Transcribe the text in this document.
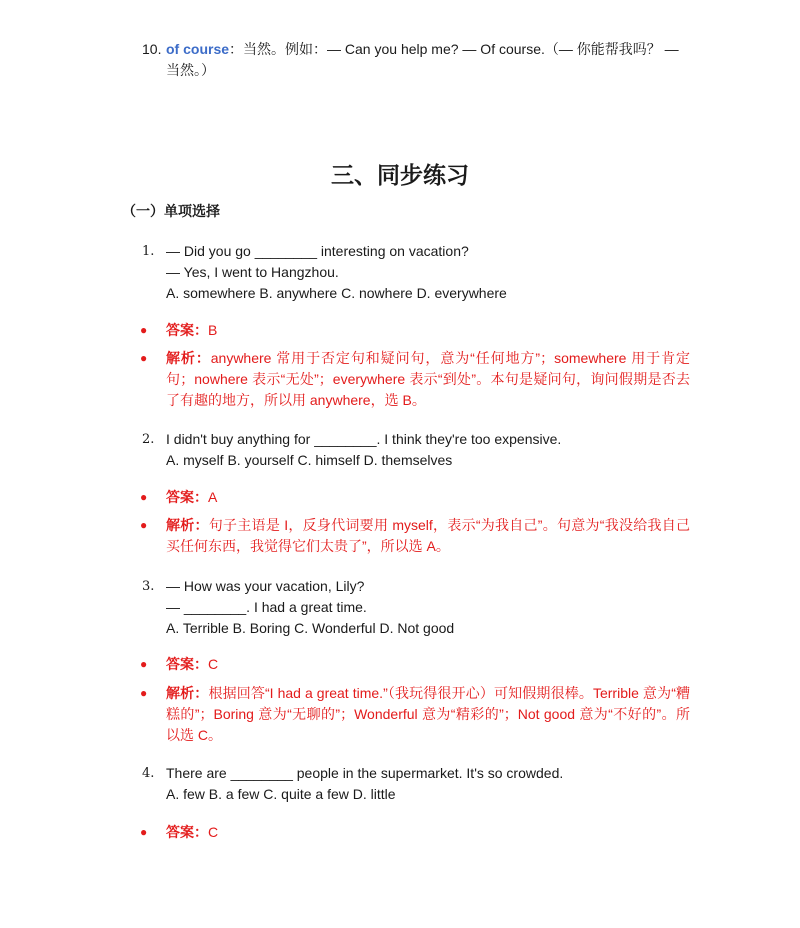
10. of course：当然。例如：— Can you help me? — Of course.（— 你能帮我吗？ — 当然。）
三、同步练习
（一）单项选择
1. — Did you go ________ interesting on vacation?
— Yes, I went to Hangzhou.
A. somewhere B. anywhere C. nowhere D. everywhere
● 答案：B
● 解析：anywhere 常用于否定句和疑问句，意为“任何地方”；somewhere 用于肯定句；nowhere 表示“无处”；everywhere 表示“到处”。本句是疑问句，询问假期是否去了有趣的地方，所以用 anywhere，选 B。
2. I didn't buy anything for ________. I think they're too expensive.
A. myself B. yourself C. himself D. themselves
● 答案：A
● 解析：句子主语是 I，反身代词要用 myself，表示“为我自己”。句意为“我没给我自己买任何东西，我觉得它们太贵了”，所以选 A。
3. — How was your vacation, Lily?
— ________. I had a great time.
A. Terrible B. Boring C. Wonderful D. Not good
● 答案：C
● 解析：根据回答“I had a great time.”（我玩得很开心）可知假期很棒。Terrible 意为“糟糕的”；Boring 意为“无聊的”；Wonderful 意为“精彩的”；Not good 意为“不好的”。所以选 C。
4. There are ________ people in the supermarket. It's so crowded.
A. few B. a few C. quite a few D. little
● 答案：C
